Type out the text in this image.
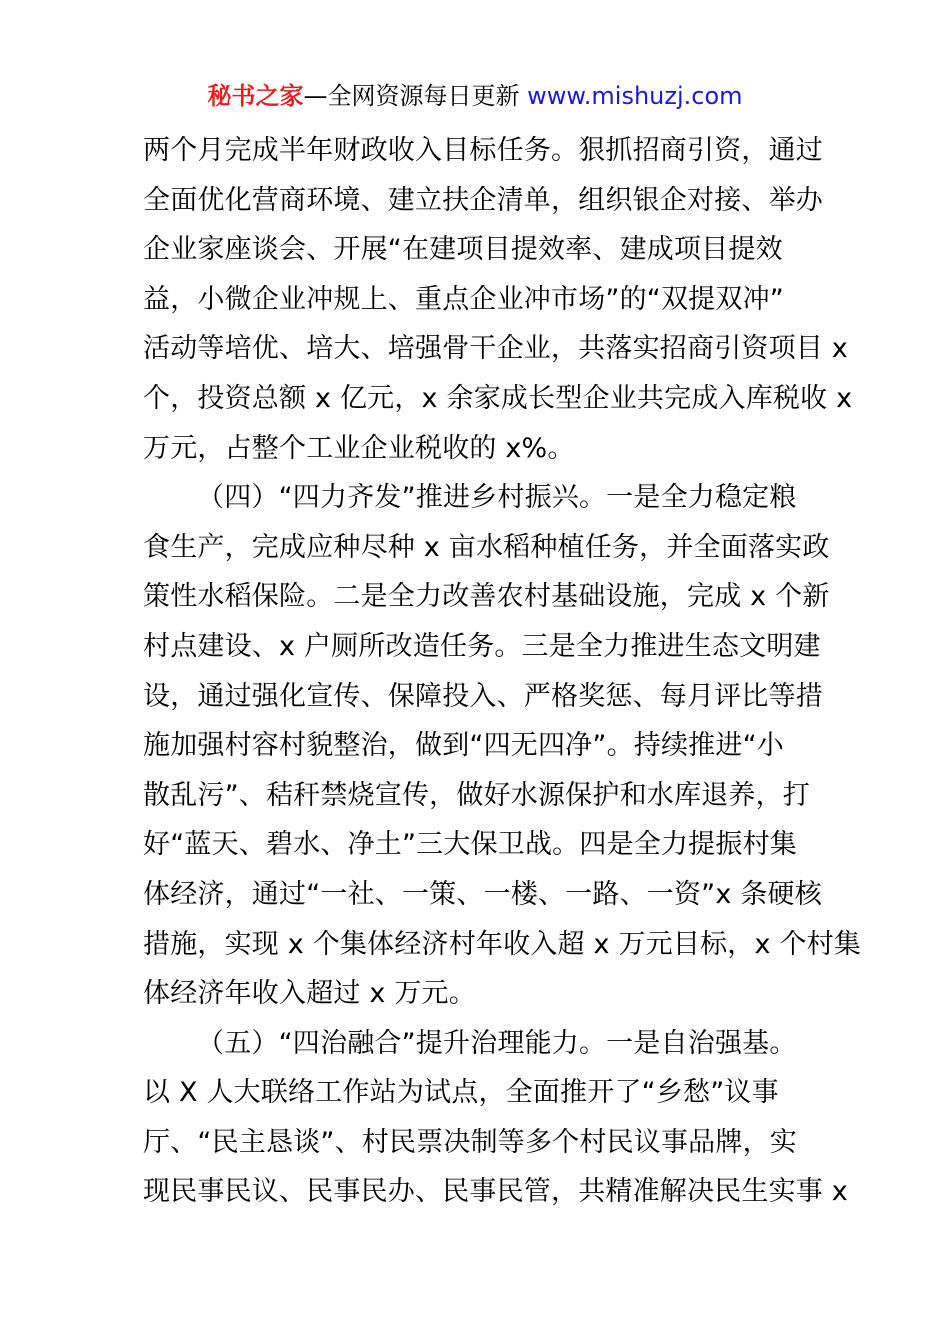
秘书之家—全网资源每日更新 www.mishuzj.com
两个月完成半年财政收入目标任务。狠抓招商引资，通过
全面优化营商环境、建立扶企清单，组织银企对接、举办
企业家座谈会、开展“在建项目提效率、建成项目提效
益，小微企业冲规上、重点企业冲市场”的“双提双冲”
活动等培优、培大、培强骨干企业，共落实招商引资项目 x
个，投资总额 x 亿元，x 余家成长型企业共完成入库税收 x
万元，占整个工业企业税收的 x%。
（四）“四力齐发”推进乡村振兴。一是全力稳定粮
食生产，完成应种尽种 x 亩水稻种植任务，并全面落实政
策性水稻保险。二是全力改善农村基础设施，完成 x 个新
村点建设、x 户厕所改造任务。三是全力推进生态文明建
设，通过强化宣传、保障投入、严格奖惩、每月评比等措
施加强村容村貌整治，做到“四无四净”。持续推进“小
散乱污”、秸秆禁烧宣传，做好水源保护和水库退养，打
好“蓝天、碧水、净土”三大保卫战。四是全力提振村集
体经济，通过“一社、一策、一楼、一路、一资”x 条硬核
措施，实现 x 个集体经济村年收入超 x 万元目标，x 个村集
体经济年收入超过 x 万元。
（五）“四治融合”提升治理能力。一是自治强基。
以 X 人大联络工作站为试点，全面推开了“乡愁”议事
厅、“民主恳谈”、村民票决制等多个村民议事品牌，实
现民事民议、民事民办、民事民管，共精准解决民生实事 x
